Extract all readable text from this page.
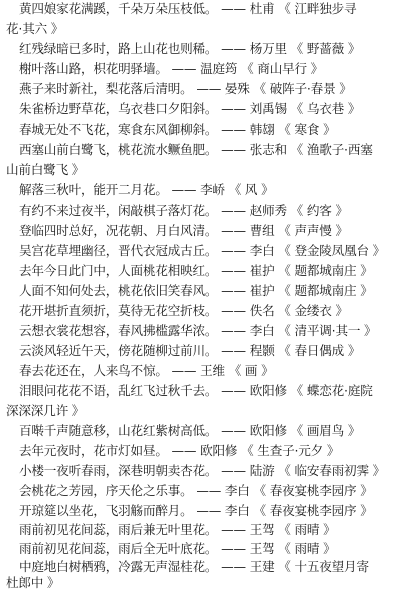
黄四娘家花满蹊，千朵万朵压枝低。 —— 杜甫 《 江畔独步寻
花·其六 》
红残绿暗已多时，路上山花也则稀。 —— 杨万里 《 野蔷薇 》
榭叶落山路，枳花明驿墙。 —— 温庭筠 《 商山早行 》
燕子来时新社，梨花落后清明。 —— 晏殊 《 破阵子·春景 》
朱雀桥边野草花，乌衣巷口夕阳斜。 —— 刘禹锡 《 乌衣巷 》
春城无处不飞花，寒食东风御柳斜。 —— 韩翃 《 寒食 》
西塞山前白鹭飞，桃花流水鳜鱼肥。 —— 张志和 《 渔歌子·西塞
山前白鹭飞 》
解落三秋叶，能开二月花。 —— 李峤 《 风 》
有约不来过夜半，闲敲棋子落灯花。 —— 赵师秀 《 约客 》
登临四时总好，况花朝、月白风清。 —— 曹组 《 声声慢 》
吴宫花草埋幽径，晋代衣冠成古丘。 —— 李白 《 登金陵凤凰台 》
去年今日此门中，人面桃花相映红。 —— 崔护 《 题都城南庄 》
人面不知何处去，桃花依旧笑春风。 —— 崔护 《 题都城南庄 》
花开堪折直须折，莫待无花空折枝。 —— 佚名 《 金缕衣 》
云想衣裳花想容，春风拂槛露华浓。 —— 李白 《 清平调·其一 》
云淡风轻近午天，傍花随柳过前川。 —— 程颢 《 春日偶成 》
春去花还在，人来鸟不惊。 —— 王维 《 画 》
泪眼问花花不语，乱红飞过秋千去。 —— 欧阳修 《 蝶恋花·庭院
深深深几许 》
百啭千声随意移，山花红紫树高低。 —— 欧阳修 《 画眉鸟 》
去年元夜时，花市灯如昼。 —— 欧阳修 《 生查子·元夕 》
小楼一夜听春雨，深巷明朝卖杏花。 —— 陆游 《 临安春雨初霁 》
会桃花之芳园，序天伦之乐事。 —— 李白 《 春夜宴桃李园序 》
开琼筵以坐花，飞羽觞而醉月。 —— 李白 《 春夜宴桃李园序 》
雨前初见花间蕊，雨后兼无叶里花。 —— 王驾 《 雨晴 》
雨前初见花间蕊，雨后全无叶底花。 —— 王驾 《 雨晴 》
中庭地白树栖鸦，冷露无声湿桂花。 —— 王建 《 十五夜望月寄
杜郎中 》
